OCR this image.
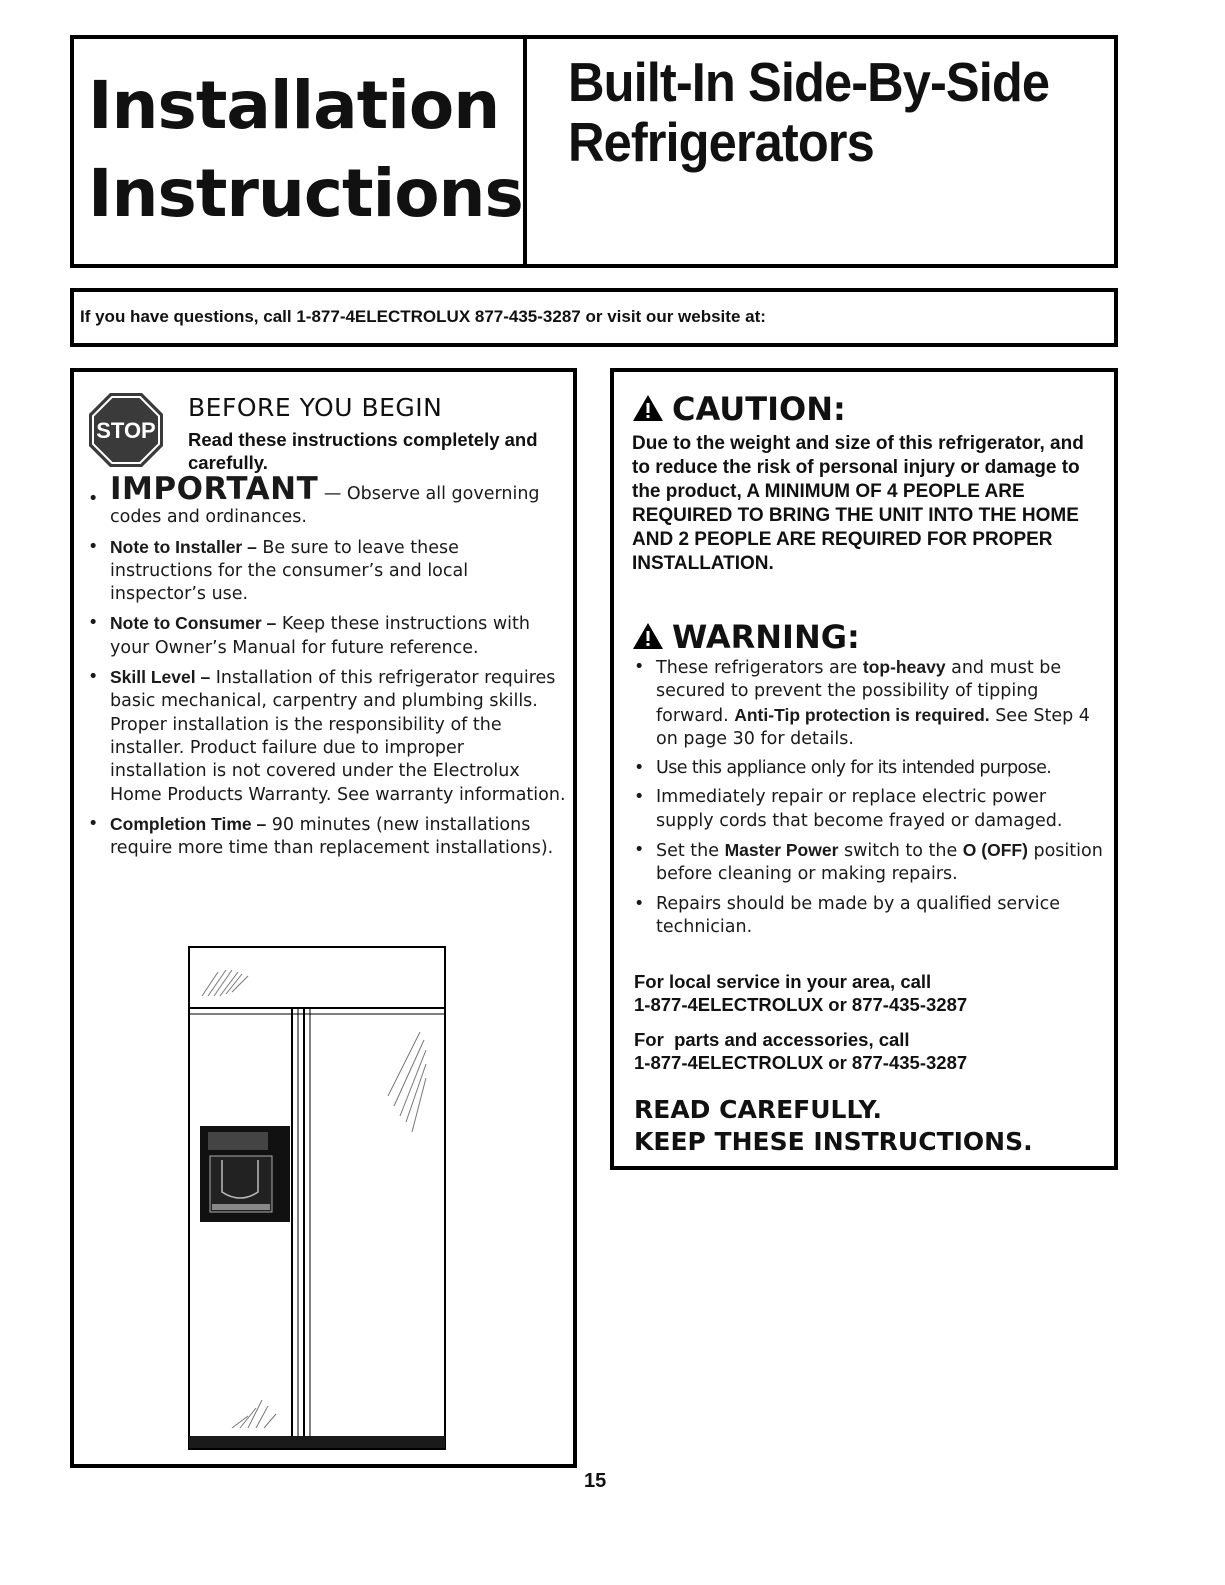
Installation
Instructions
Built-In Side-By-Side
Refrigerators
If you have questions, call 1-877-4ELECTROLUX 877-435-3287 or visit our website at:
STOP
BEFORE YOU BEGIN
Read these instructions completely and carefully.
• IMPORTANT — Observe all governing codes and ordinances.
• Note to Installer – Be sure to leave these instructions for the consumer’s and local inspector’s use.
• Note to Consumer – Keep these instructions with your Owner’s Manual for future reference.
• Skill Level – Installation of this refrigerator requires basic mechanical, carpentry and plumbing skills. Proper installation is the responsibility of the installer. Product failure due to improper installation is not covered under the Electrolux Home Products Warranty. See warranty information.
• Completion Time – 90 minutes (new installations require more time than replacement installations).
CAUTION:
Due to the weight and size of this refrigerator, and to reduce the risk of personal injury or damage to the product, A MINIMUM OF 4 PEOPLE ARE REQUIRED TO BRING THE UNIT INTO THE HOME AND 2 PEOPLE ARE REQUIRED FOR PROPER INSTALLATION.
WARNING:
• These refrigerators are top-heavy and must be secured to prevent the possibility of tipping forward. Anti-Tip protection is required. See Step 4 on page 30 for details.
• Use this appliance only for its intended purpose.
• Immediately repair or replace electric power supply cords that become frayed or damaged.
• Set the Master Power switch to the O (OFF) position before cleaning or making repairs.
• Repairs should be made by a qualified service technician.
For local service in your area, call
1-877-4ELECTROLUX or 877-435-3287
For  parts and accessories, call
1-877-4ELECTROLUX or 877-435-3287
READ CAREFULLY.
KEEP THESE INSTRUCTIONS.
15
